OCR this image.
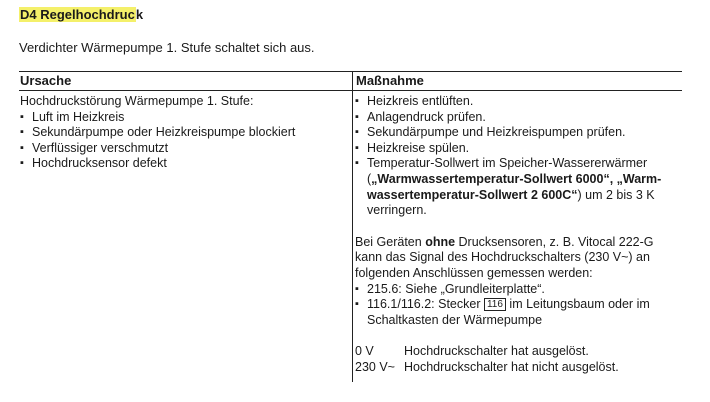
D4 Regelhochdruck
Verdichter Wärmepumpe 1. Stufe schaltet sich aus.
Ursache	Maßnahme
Hochdruckstörung Wärmepumpe 1. Stufe:
▪ Luft im Heizkreis
▪ Sekundärpumpe oder Heizkreispumpe blockiert
▪ Verflüssiger verschmutzt
▪ Hochdrucksensor defekt
▪ Heizkreis entlüften.
▪ Anlagendruck prüfen.
▪ Sekundärpumpe und Heizkreispumpen prüfen.
▪ Heizkreise spülen.
▪ Temperatur-Sollwert im Speicher-Wassererwärmer
(„Warmwassertemperatur-Sollwert 6000“, „Warm-
wassertemperatur-Sollwert 2 600C“) um 2 bis 3 K
verringern.
Bei Geräten ohne Drucksensoren, z. B. Vitocal 222-G
kann das Signal des Hochdruckschalters (230 V~) an
folgenden Anschlüssen gemessen werden:
▪ 215.6: Siehe „Grundleiterplatte“.
▪ 116.1/116.2: Stecker 116 im Leitungsbaum oder im
Schaltkasten der Wärmepumpe
0 V	Hochdruckschalter hat ausgelöst.
230 V~ Hochdruckschalter hat nicht ausgelöst.
